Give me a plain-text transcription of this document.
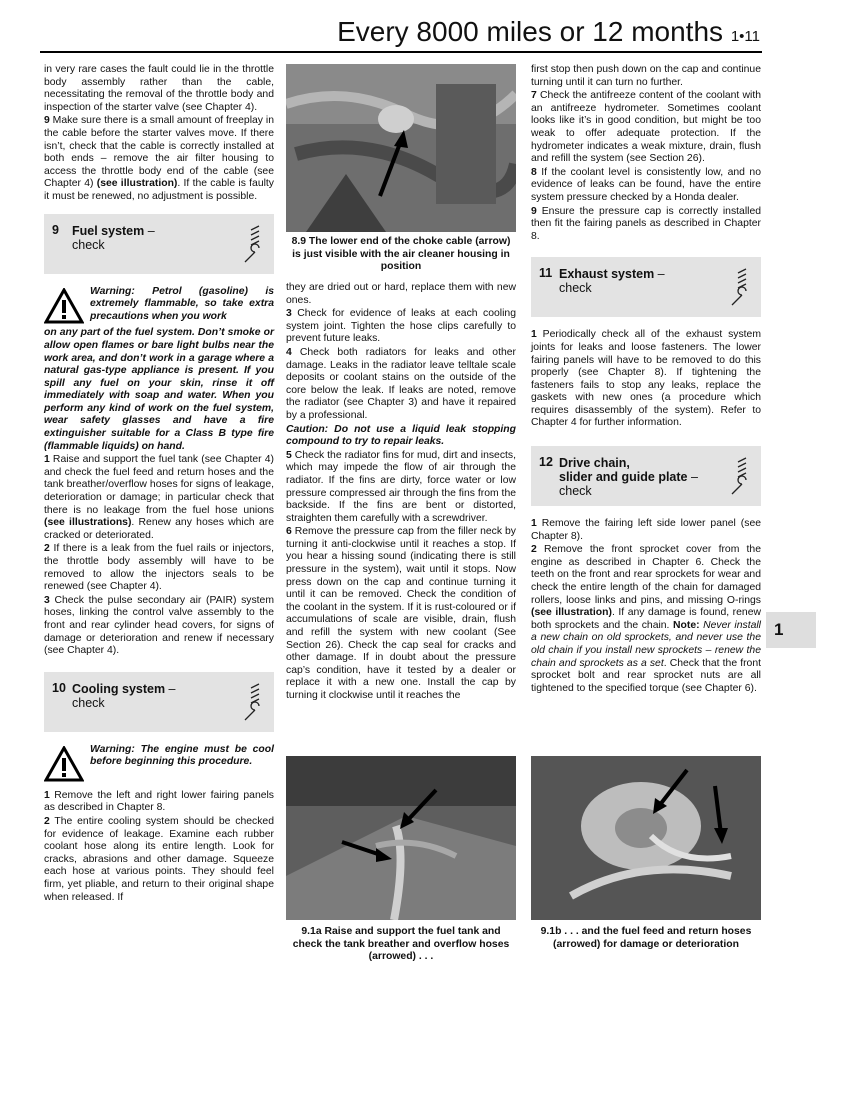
Every 8000 miles or 12 months 1•11

in very rare cases the fault could lie in the throttle body assembly rather than the cable, necessitating the removal of the throttle body and inspection of the starter valve (see Chapter 4).

9 Make sure there is a small amount of freeplay in the cable before the starter valves move. If there isn’t, check that the cable is correctly installed at both ends – remove the air filter housing to access the throttle body end of the cable (see Chapter 4) (see illustration). If the cable is faulty it must be renewed, no adjustment is possible.

9 Fuel system –
check
Warning: Petrol (gasoline) is extremely flammable, so take extra precautions when you work

on any part of the fuel system. Don’t smoke or allow open flames or bare light bulbs near the work area, and don’t work in a garage where a natural gas-type appliance is present. If you spill any fuel on your skin, rinse it off immediately with soap and water. When you perform any kind of work on the fuel system, wear safety glasses and have a fire extinguisher suitable for a Class B type fire (flammable liquids) on hand.

1 Raise and support the fuel tank (see Chapter 4) and check the fuel feed and return hoses and the tank breather/overflow hoses for signs of leakage, deterioration or damage; in particular check that there is no leakage from the fuel hose unions (see illustrations). Renew any hoses which are cracked or deteriorated.

2 If there is a leak from the fuel rails or injectors, the throttle body assembly will have to be removed to allow the injectors seals to be renewed (see Chapter 4).

3 Check the pulse secondary air (PAIR) system hoses, linking the control valve assembly to the front and rear cylinder head covers, for signs of damage or deterioration and renew if necessary (see Chapter 4).

10 Cooling system –
check
Warning: The engine must be cool before beginning this procedure.

1 Remove the left and right lower fairing panels as described in Chapter 8.

2 The entire cooling system should be checked for evidence of leakage. Examine each rubber coolant hose along its entire length. Look for cracks, abrasions and other damage. Squeeze each hose at various points. They should feel firm, yet pliable, and return to their original shape when released. If

8.9 The lower end of the choke cable (arrow) is just visible with the air cleaner housing in position

they are dried out or hard, replace them with new ones.

3 Check for evidence of leaks at each cooling system joint. Tighten the hose clips carefully to prevent future leaks.

4 Check both radiators for leaks and other damage. Leaks in the radiator leave telltale scale deposits or coolant stains on the outside of the core below the leak. If leaks are noted, remove the radiator (see Chapter 3) and have it repaired by a professional.

Caution: Do not use a liquid leak stopping compound to try to repair leaks.

5 Check the radiator fins for mud, dirt and insects, which may impede the flow of air through the radiator. If the fins are dirty, force water or low pressure compressed air through the fins from the backside. If the fins are bent or distorted, straighten them carefully with a screwdriver.

6 Remove the pressure cap from the filler neck by turning it anti-clockwise until it reaches a stop. If you hear a hissing sound (indicating there is still pressure in the system), wait until it stops. Now press down on the cap and continue turning it until it can be removed. Check the condition of the coolant in the system. If it is rust-coloured or if accumulations of scale are visible, drain, flush and refill the system with new coolant (See Section 26). Check the cap seal for cracks and other damage. If in doubt about the pressure cap’s condition, have it tested by a dealer or replace it with a new one. Install the cap by turning it clockwise until it reaches the

first stop then push down on the cap and continue turning until it can turn no further.

7 Check the antifreeze content of the coolant with an antifreeze hydrometer. Sometimes coolant looks like it’s in good condition, but might be too weak to offer adequate protection. If the hydrometer indicates a weak mixture, drain, flush and refill the system (see Section 26).

8 If the coolant level is consistently low, and no evidence of leaks can be found, have the entire system pressure checked by a Honda dealer.

9 Ensure the pressure cap is correctly installed then fit the fairing panels as described in Chapter 8.

11 Exhaust system –
check

1 Periodically check all of the exhaust system joints for leaks and loose fasteners. The lower fairing panels will have to be removed to do this properly (see Chapter 8). If tightening the fasteners fails to stop any leaks, replace the gaskets with new ones (a procedure which requires disassembly of the system). Refer to Chapter 4 for further information.

12 Drive chain,
slider and guide plate –
check

1 Remove the fairing left side lower panel (see Chapter 8).

2 Remove the front sprocket cover from the engine as described in Chapter 6. Check the teeth on the front and rear sprockets for wear and check the entire length of the chain for damaged rollers, loose links and pins, and missing O-rings (see illustration). If any damage is found, renew both sprockets and the chain. Note: Never install a new chain on old sprockets, and never use the old chain if you install new sprockets – renew the chain and sprockets as a set. Check that the front sprocket bolt and rear sprocket nuts are all tightened to the specified torque (see Chapter 6).

1
9.1a Raise and support the fuel tank and check the tank breather and overflow hoses (arrowed) . . .
9.1b . . . and the fuel feed and return hoses (arrowed) for damage or deterioration
